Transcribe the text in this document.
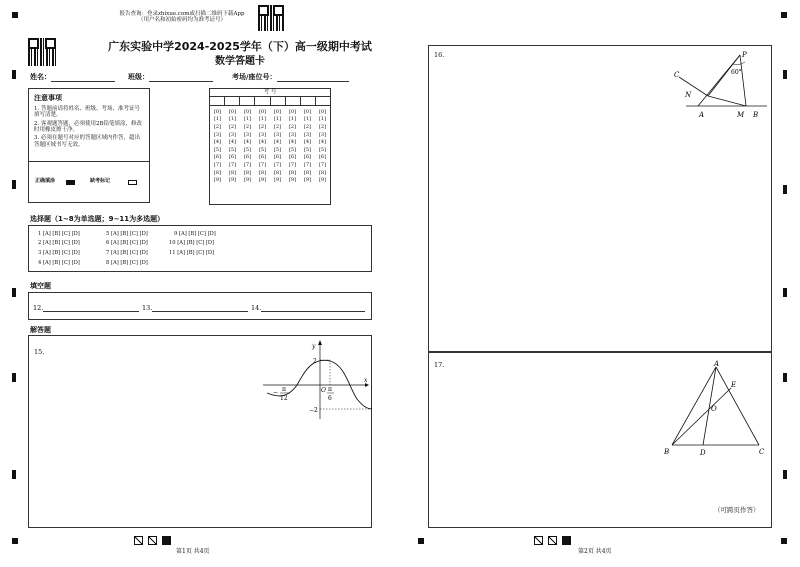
报告查询：登录zhixue.com或扫描二维码下载App
（用户名和初始密码均为准考证号）
广东实验中学2024-2025学年（下）高一级期中考试
数学答题卡
姓名：	班级：	考场/座位号：
注意事项
1. 答题前请将姓名、班级、考场、准考证号填写清楚。
2. 客观题答题，必须使用2B铅笔填涂，修改时用橡皮擦干净。
3. 必须在题号对应的答题区域内作答，超出答题区域书写无效。
正确填涂	缺考标记
考 号
[0]	[0]	[0]	[0]	[0]	[0]	[0]	[0]
[1]	[1]	[1]	[1]	[1]	[1]	[1]	[1]
[2]	[2]	[2]	[2]	[2]	[2]	[2]	[2]
[3]	[3]	[3]	[3]	[3]	[3]	[3]	[3]
[4]	[4]	[4]	[4]	[4]	[4]	[4]	[4]
[5]	[5]	[5]	[5]	[5]	[5]	[5]	[5]
[6]	[6]	[6]	[6]	[6]	[6]	[6]	[6]
[7]	[7]	[7]	[7]	[7]	[7]	[7]	[7]
[8]	[8]	[8]	[8]	[8]	[8]	[8]	[8]
[9]	[9]	[9]	[9]	[9]	[9]	[9]	[9]
选择题（1~8为单选题；9~11为多选题）
1 [A] [B] [C] [D]	5 [A] [B] [C] [D]	9 [A] [B] [C] [D]
2 [A] [B] [C] [D]	6 [A] [B] [C] [D]	10 [A] [B] [C] [D]
3 [A] [B] [C] [D]	7 [A] [B] [C] [D]	11 [A] [B] [C] [D]
4 [A] [B] [C] [D]	8 [A] [B] [C] [D]
填空题
12.	13.	14.
解答题
15.
y
x
O
2
−2
− π
12
π
6
第1页 共4页
16.	P
60°
C
N
A	M B
17.	A
E
O
B	D	C
（可跨页作答）
第2页 共4页
